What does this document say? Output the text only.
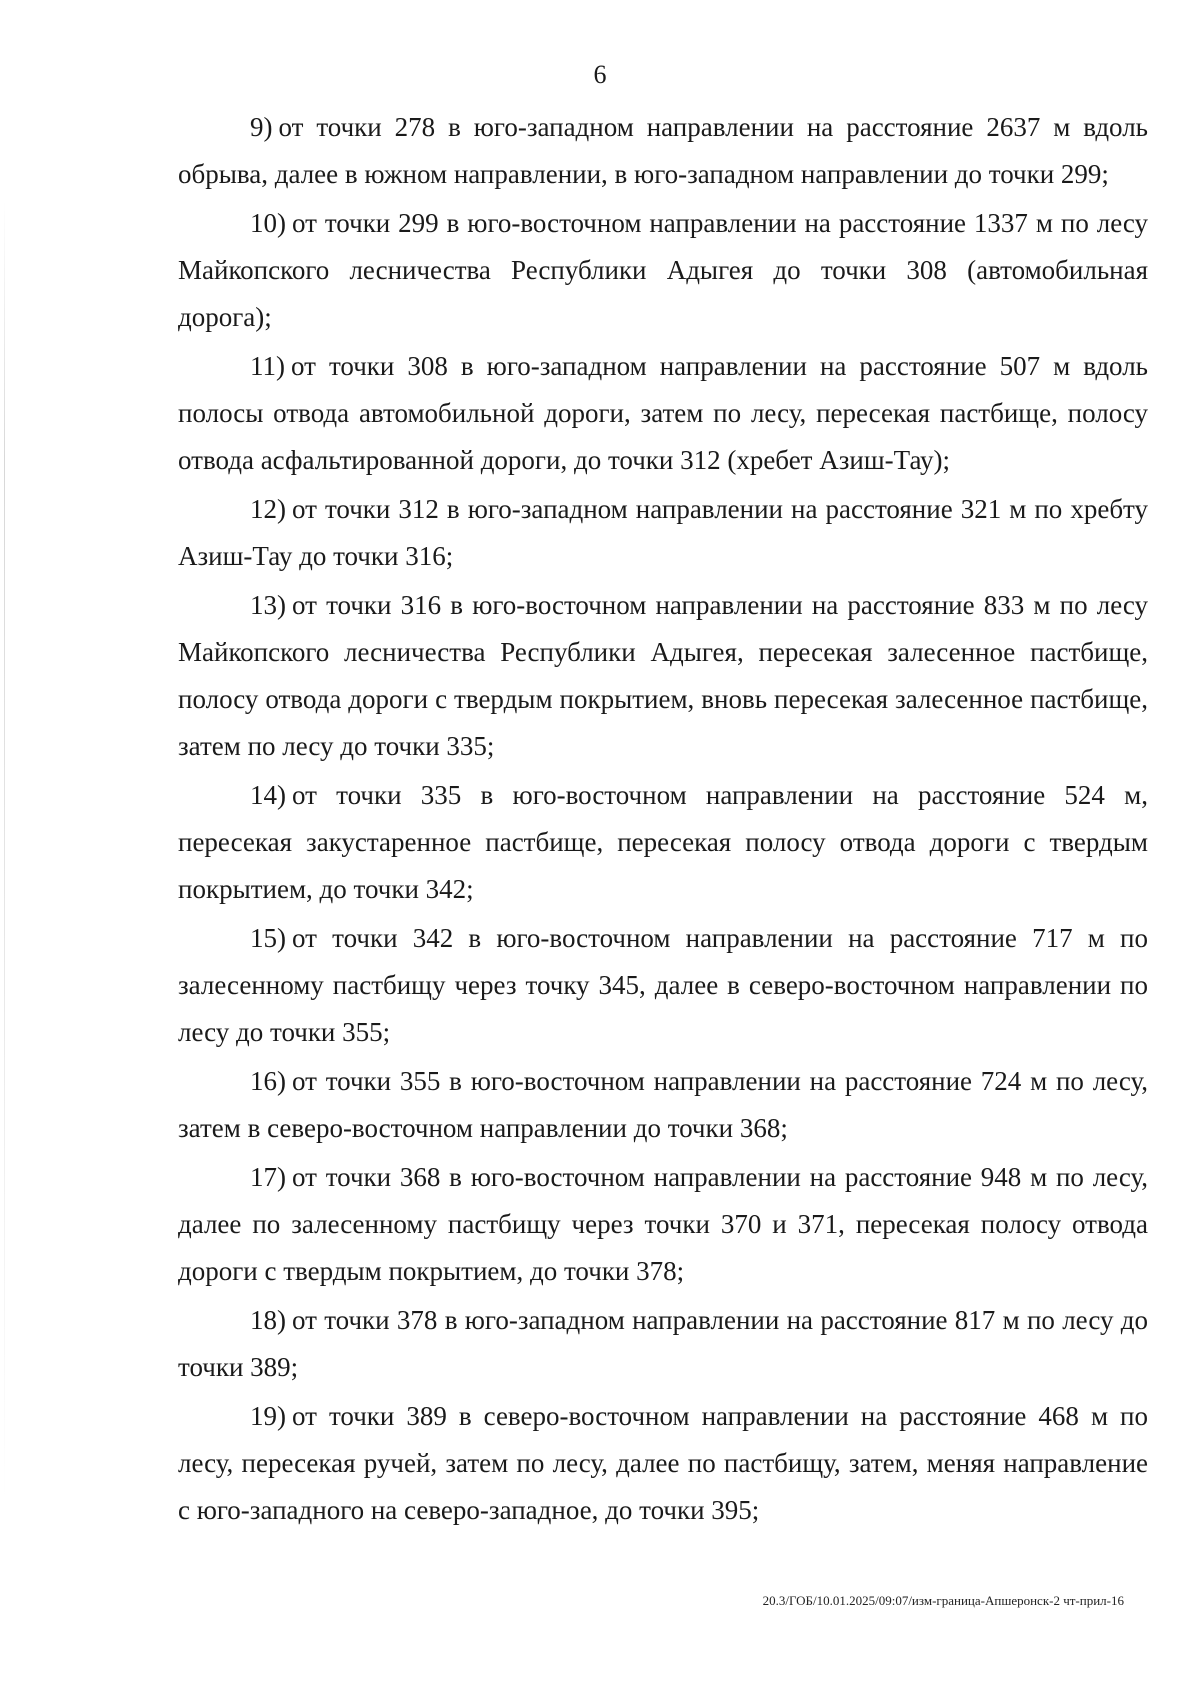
6

9) от точки 278 в юго-западном направлении на расстояние 2637 м вдоль обрыва, далее в южном направлении, в юго-западном направлении до точки 299;

10) от точки 299 в юго-восточном направлении на расстояние 1337 м по лесу Майкопского лесничества Республики Адыгея до точки 308 (автомобильная дорога);

11) от точки 308 в юго-западном направлении на расстояние 507 м вдоль полосы отвода автомобильной дороги, затем по лесу, пересекая пастбище, полосу отвода асфальтированной дороги, до точки 312 (хребет Азиш-Тау);

12) от точки 312 в юго-западном направлении на расстояние 321 м по хребту Азиш-Тау до точки 316;

13) от точки 316 в юго-восточном направлении на расстояние 833 м по лесу Майкопского лесничества Республики Адыгея, пересекая залесенное пастбище, полосу отвода дороги с твердым покрытием, вновь пересекая залесенное пастбище, затем по лесу до точки 335;

14) от точки 335 в юго-восточном направлении на расстояние 524 м, пересекая закустаренное пастбище, пересекая полосу отвода дороги с твердым покрытием, до точки 342;

15) от точки 342 в юго-восточном направлении на расстояние 717 м по залесенному пастбищу через точку 345, далее в северо-восточном направлении по лесу до точки 355;

16) от точки 355 в юго-восточном направлении на расстояние 724 м по лесу, затем в северо-восточном направлении до точки 368;

17) от точки 368 в юго-восточном направлении на расстояние 948 м по лесу, далее по залесенному пастбищу через точки 370 и 371, пересекая полосу отвода дороги с твердым покрытием, до точки 378;

18) от точки 378 в юго-западном направлении на расстояние 817 м по лесу до точки 389;

19) от точки 389 в северо-восточном направлении на расстояние 468 м по лесу, пересекая ручей, затем по лесу, далее по пастбищу, затем, меняя направление с юго-западного на северо-западное, до точки 395;

20.3/ГОБ/10.01.2025/09:07/изм-граница-Апшеронск-2 чт-прил-16
